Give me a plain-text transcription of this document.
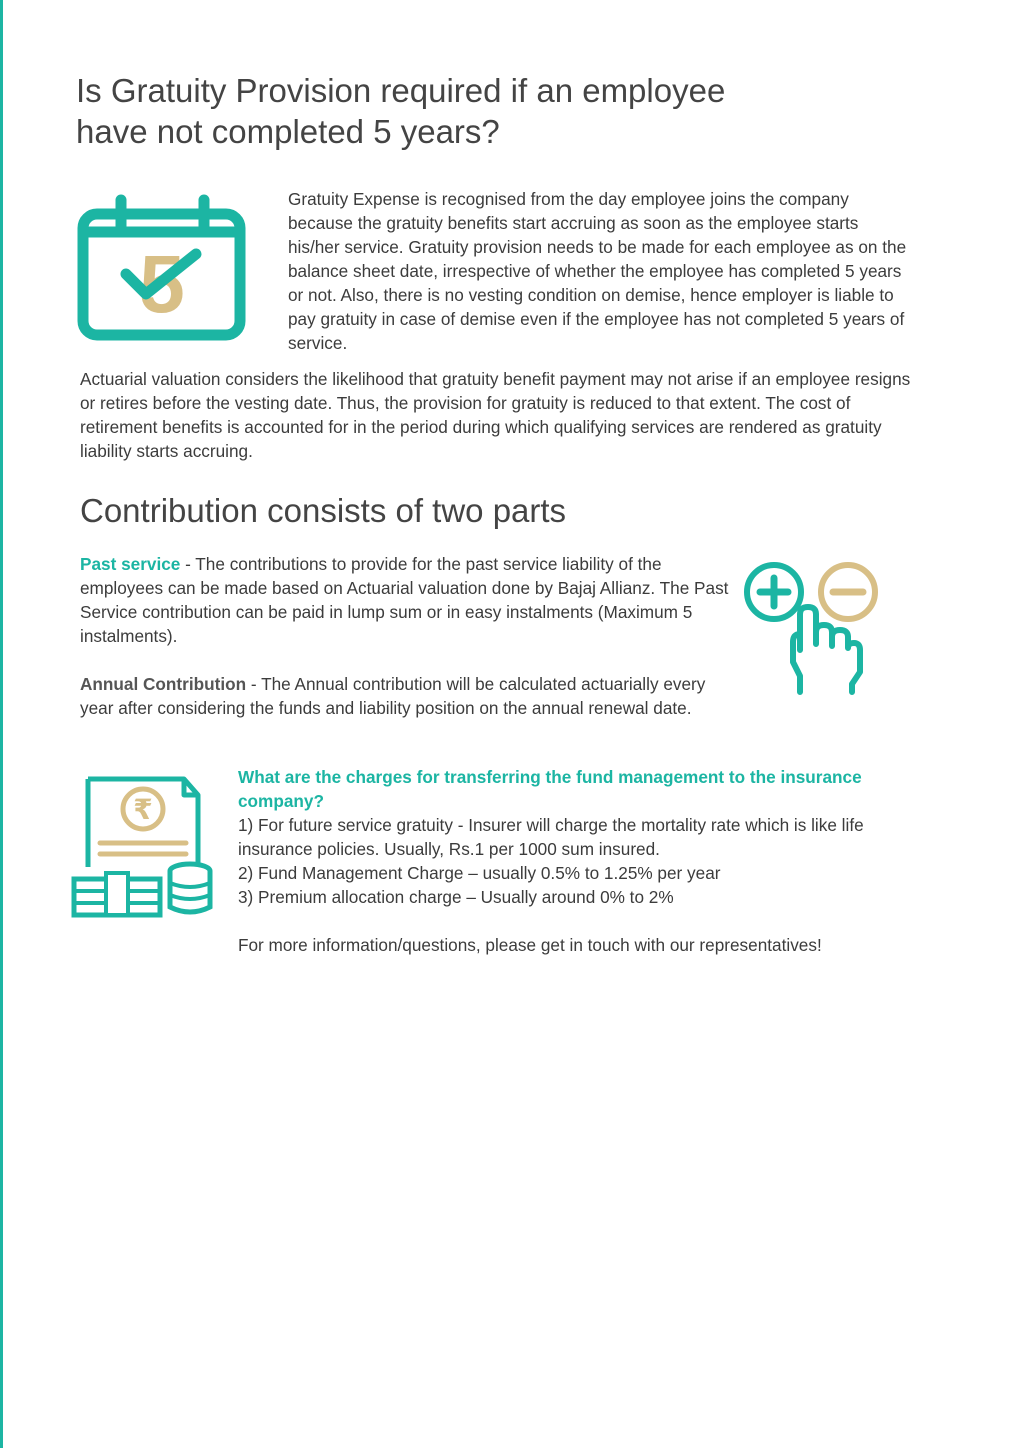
Is Gratuity Provision required if an employee
have not completed 5 years?
5

Gratuity Expense is recognised from the day employee joins the company because the gratuity benefits start accruing as soon as the employee starts his/her service. Gratuity provision needs to be made for each employee as on the balance sheet date, irrespective of whether the employee has completed 5 years or not. Also, there is no vesting condition on demise, hence employer is liable to pay gratuity in case of demise even if the employee has not completed 5 years of service.

Actuarial valuation considers the likelihood that gratuity benefit payment may not arise if an employee resigns or retires before the vesting date. Thus, the provision for gratuity is reduced to that extent. The cost of retirement benefits is accounted for in the period during which qualifying services are rendered as gratuity liability starts accruing.

Contribution consists of two parts

Past service - The contributions to provide for the past service liability of the employees can be made based on Actuarial valuation done by Bajaj Allianz. The Past Service contribution can be paid in lump sum or in easy instalments (Maximum 5 instalments).

Annual Contribution - The Annual contribution will be calculated actuarially every year after considering the funds and liability position on the annual renewal date.

₹
What are the charges for transferring the fund management to the insurance company?
1) For future service gratuity - Insurer will charge the mortality rate which is like life insurance policies. Usually, Rs.1 per 1000 sum insured.
2) Fund Management Charge – usually 0.5% to 1.25% per year
3) Premium allocation charge – Usually around 0% to 2%

For more information/questions, please get in touch with our representatives!
